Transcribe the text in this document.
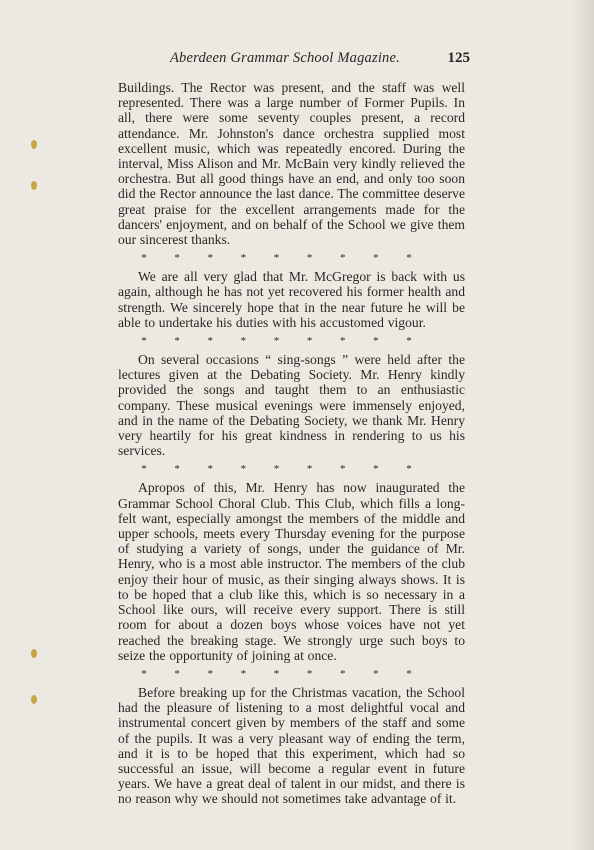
Aberdeen Grammar School Magazine.	125

Buildings. The Rector was present, and the staff was well represented. There was a large number of Former Pupils. In all, there were some seventy couples present, a record attendance. Mr. Johnston's dance orchestra supplied most excellent music, which was repeatedly encored. During the interval, Miss Alison and Mr. McBain very kindly relieved the orchestra. But all good things have an end, and only too soon did the Rector announce the last dance. The committee deserve great praise for the excellent arrangements made for the dancers' enjoyment, and on behalf of the School we give them our sincerest thanks.

*	*	*	*	*	*	*	*	*

We are all very glad that Mr. McGregor is back with us again, although he has not yet recovered his former health and strength. We sincerely hope that in the near future he will be able to undertake his duties with his accustomed vigour.

*	*	*	*	*	*	*	*	*

On several occasions “ sing-songs ” were held after the lectures given at the Debating Society. Mr. Henry kindly provided the songs and taught them to an enthusiastic company. These musical evenings were immensely enjoyed, and in the name of the Debating Society, we thank Mr. Henry very heartily for his great kindness in rendering to us his services.

*	*	*	*	*	*	*	*	*

Apropos of this, Mr. Henry has now inaugurated the Grammar School Choral Club. This Club, which fills a long-felt want, especially amongst the members of the middle and upper schools, meets every Thursday evening for the purpose of studying a variety of songs, under the guidance of Mr. Henry, who is a most able instructor. The members of the club enjoy their hour of music, as their singing always shows. It is to be hoped that a club like this, which is so necessary in a School like ours, will receive every support. There is still room for about a dozen boys whose voices have not yet reached the breaking stage. We strongly urge such boys to seize the opportunity of joining at once.

*	*	*	*	*	*	*	*	*

Before breaking up for the Christmas vacation, the School had the pleasure of listening to a most delightful vocal and instrumental concert given by members of the staff and some of the pupils. It was a very pleasant way of ending the term, and it is to be hoped that this experiment, which had so successful an issue, will become a regular event in future years. We have a great deal of talent in our midst, and there is no reason why we should not sometimes take advantage of it.
